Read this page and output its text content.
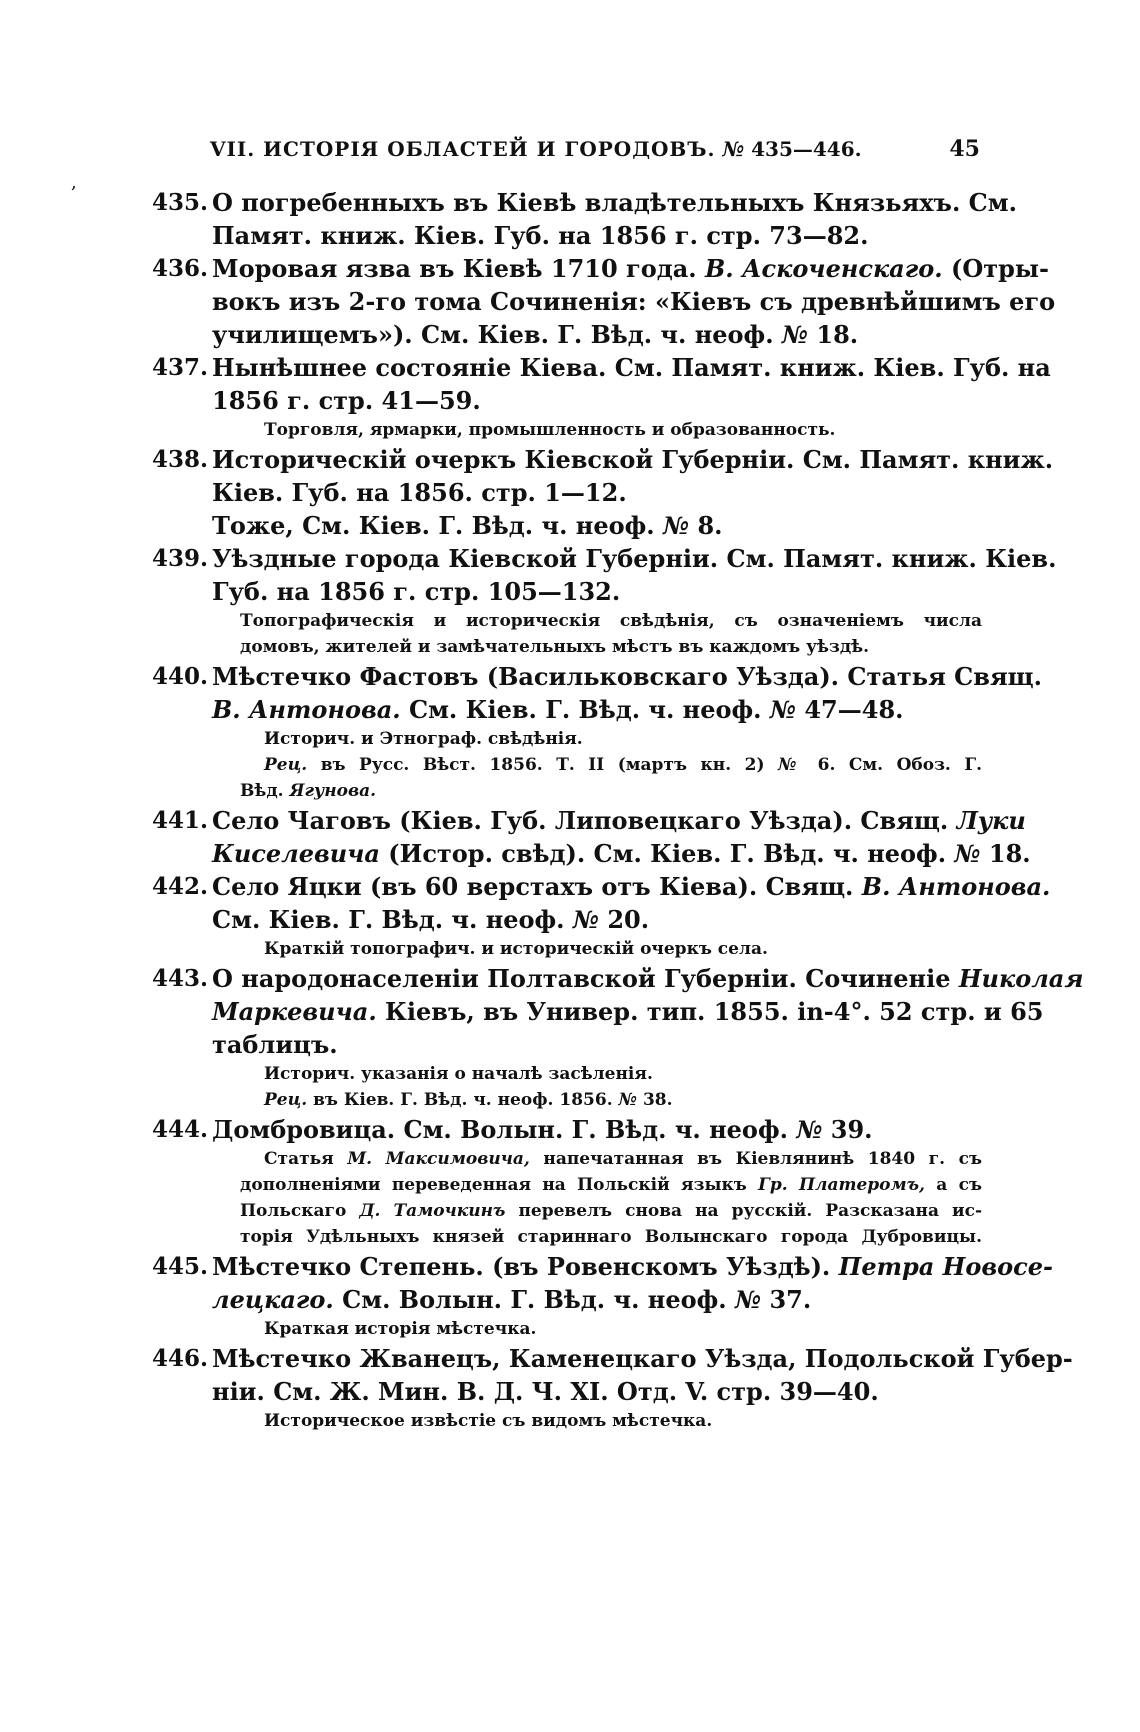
,
VII. ИСТОРІЯ ОБЛАСТЕЙ И ГОРОДОВЪ. № 435—446.	45
435. О погребенныхъ въ Кіевѣ владѣтельныхъ Князьяхъ. См.
Памят. книж. Кіев. Губ. на 1856 г. стр. 73—82.
436. Моровая язва въ Кіевѣ 1710 года. В. Аскоченскаго. (Отры-
вокъ изъ 2-го тома Сочиненія: «Кіевъ съ древнѣйшимъ его
училищемъ»). См. Кіев. Г. Вѣд. ч. неоф. № 18.
437. Нынѣшнее состояніе Кіева. См. Памят. книж. Кіев. Губ. на
1856 г. стр. 41—59.
Торговля, ярмарки, промышленность и образованность.
438. Историческій очеркъ Кіевской Губерніи. См. Памят. книж.
Кіев. Губ. на 1856. стр. 1—12.
Тоже, См. Кіев. Г. Вѣд. ч. неоф. № 8.
439. Уѣздные города Кіевской Губерніи. См. Памят. книж. Кіев.
Губ. на 1856 г. стр. 105—132.
Топографическія и историческія свѣдѣнія, съ означеніемъ числа
домовъ, жителей и замѣчательныхъ мѣстъ въ каждомъ уѣздѣ.
440. Мѣстечко Фастовъ (Васильковскаго Уѣзда). Статья Свящ.
В. Антонова. См. Кіев. Г. Вѣд. ч. неоф. № 47—48.
Историч. и Этнограф. свѣдѣнія.
Рец. въ Русс. Вѣст. 1856. Т. II (мартъ кн. 2) № 6. См. Обоз. Г.
Вѣд. Ягунова.
441. Село Чаговъ (Кіев. Губ. Липовецкаго Уѣзда). Свящ. Луки
Киселевича (Истор. свѣд). См. Кіев. Г. Вѣд. ч. неоф. № 18.
442. Село Яцки (въ 60 верстахъ отъ Кіева). Свящ. В. Антонова.
См. Кіев. Г. Вѣд. ч. неоф. № 20.
Краткій топографич. и историческій очеркъ села.
443. О народонаселеніи Полтавской Губерніи. Сочиненіе Николая
Маркевича. Кіевъ, въ Универ. тип. 1855. in-4°. 52 стр. и 65
таблицъ.
Историч. указанія о началѣ засѣленія.
Рец. въ Кіев. Г. Вѣд. ч. неоф. 1856. № 38.
444. Домбровица. См. Волын. Г. Вѣд. ч. неоф. № 39.
Статья М. Максимовича, напечатанная въ Кіевлянинѣ 1840 г. съ
дополненіями переведенная на Польскій языкъ Гр. Платеромъ, а съ
Польскаго Д. Тамочкинъ перевелъ снова на русскій. Разсказана ис-
торія Удѣльныхъ князей стариннаго Волынскаго города Дубровицы.
445. Мѣстечко Степень. (въ Ровенскомъ Уѣздѣ). Петра Новосе-
лецкаго. См. Волын. Г. Вѣд. ч. неоф. № 37.
Краткая исторія мѣстечка.
446. Мѣстечко Жванецъ, Каменецкаго Уѣзда, Подольской Губер-
ніи. См. Ж. Мин. В. Д. Ч. XI. Отд. V. стр. 39—40.
Историческое извѣстіе съ видомъ мѣстечка.
